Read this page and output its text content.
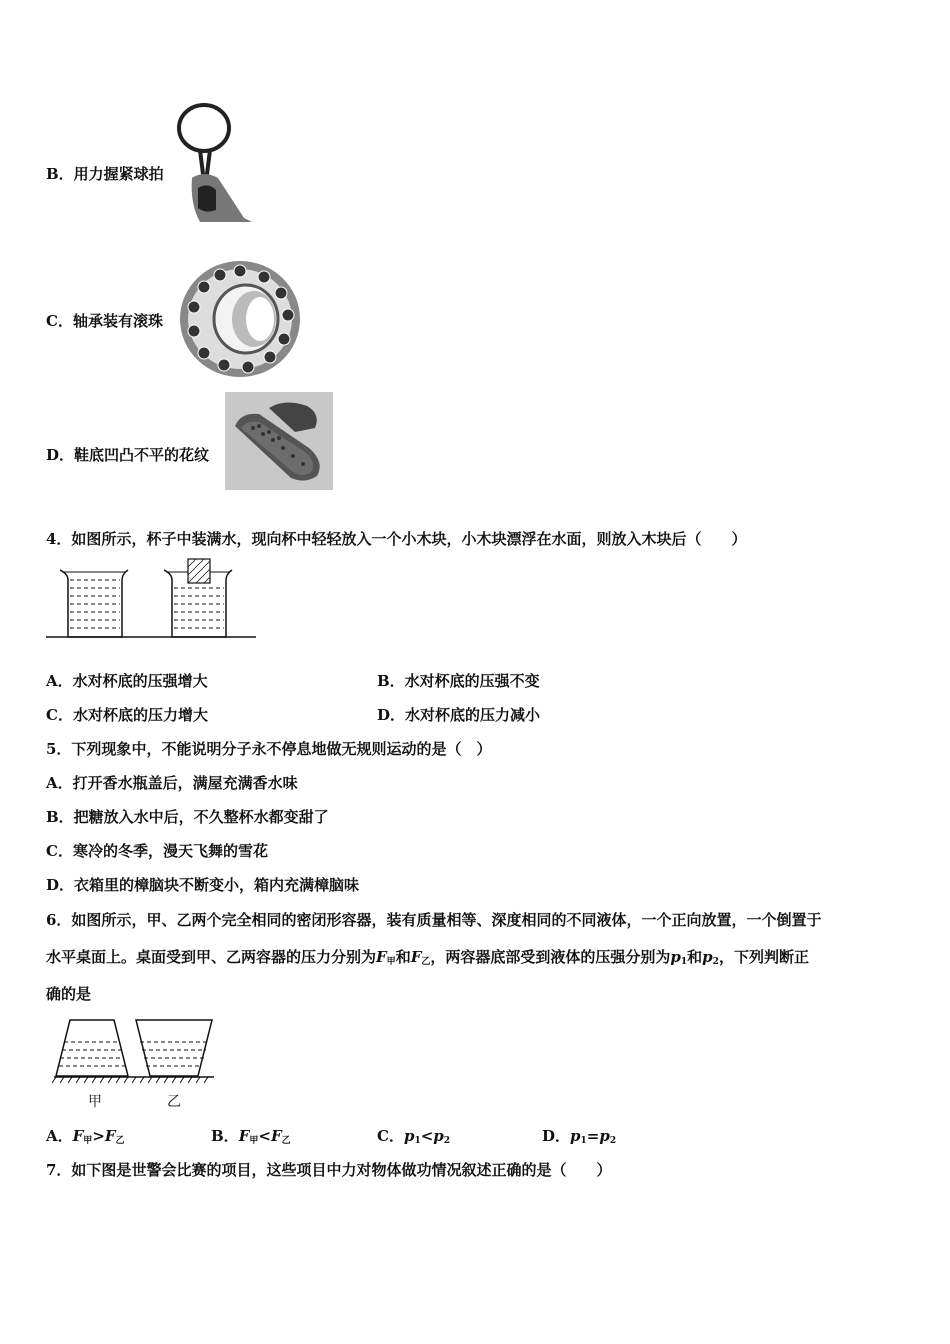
B．用力握紧球拍
C．轴承装有滚珠
D．鞋底凹凸不平的花纹
4．如图所示，杯子中装满水，现向杯中轻轻放入一个小木块，小木块漂浮在水面，则放入木块后（　　）
A．水对杯底的压强增大	B．水对杯底的压强不变
C．水对杯底的压力增大	D．水对杯底的压力减小
5．下列现象中，不能说明分子永不停息地做无规则运动的是（　）
A．打开香水瓶盖后，满屋充满香水味
B．把糖放入水中后，不久整杯水都变甜了
C．寒冷的冬季，漫天飞舞的雪花
D．衣箱里的樟脑块不断变小，箱内充满樟脑味
6．如图所示，甲、乙两个完全相同的密闭形容器，装有质量相等、深度相同的不同液体，一个正向放置，一个倒置于
水平桌面上。桌面受到甲、乙两容器的压力分别为$F_甲$和$F_乙$，两容器底部受到液体的压强分别为$p_1$和$p_2$，下列判断正
确的是
甲	乙
A．$F_甲>F_乙$	B．$F_甲<F_乙$	C．$p_1<p_2$	D．$p_1=p_2$
7．如下图是世警会比赛的项目，这些项目中力对物体做功情况叙述正确的是（　　）
